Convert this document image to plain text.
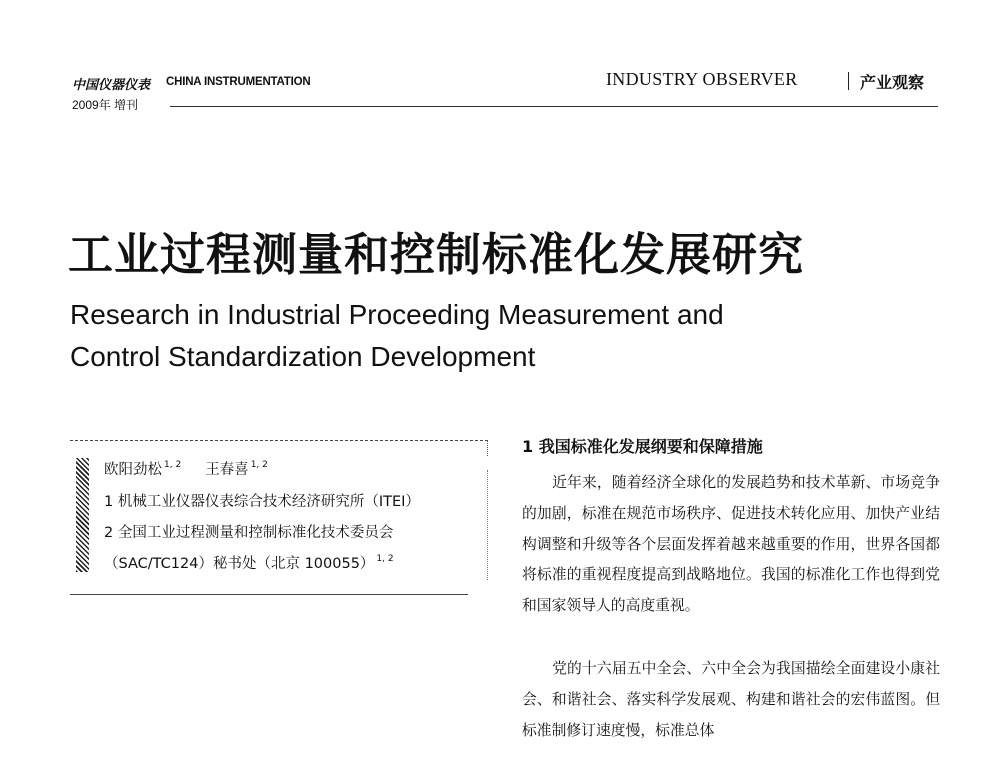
中国仪器仪表 CHINA INSTRUMENTATION
2009年 增刊
INDUSTRY OBSERVER	产业观察
工业过程测量和控制标准化发展研究
Research in Industrial Proceeding Measurement and
Control Standardization Development
欧阳劲松 $^{1, 2}$ 王春喜 $^{1, 2}$
1 机械工业仪器仪表综合技术经济研究所（ITEI）
2 全国工业过程测量和控制标准化技术委员会
（SAC/TC124）秘书处（北京 100055） $^{1, 2}$
1 我国标准化发展纲要和保障措施
近年来，随着经济全球化的发展趋势和技术革新、市场竞争的加剧，标准在规范市场秩序、促进技术转化应用、加快产业结构调整和升级等各个层面发挥着越来越重要的作用，世界各国都将标准的重视程度提高到战略地位。我国的标准化工作也得到党和国家领导人的高度重视。
党的十六届五中全会、六中全会为我国描绘全面建设小康社会、和谐社会、落实科学发展观、构建和谐社会的宏伟蓝图。但标准制修订速度慢，标准总体
